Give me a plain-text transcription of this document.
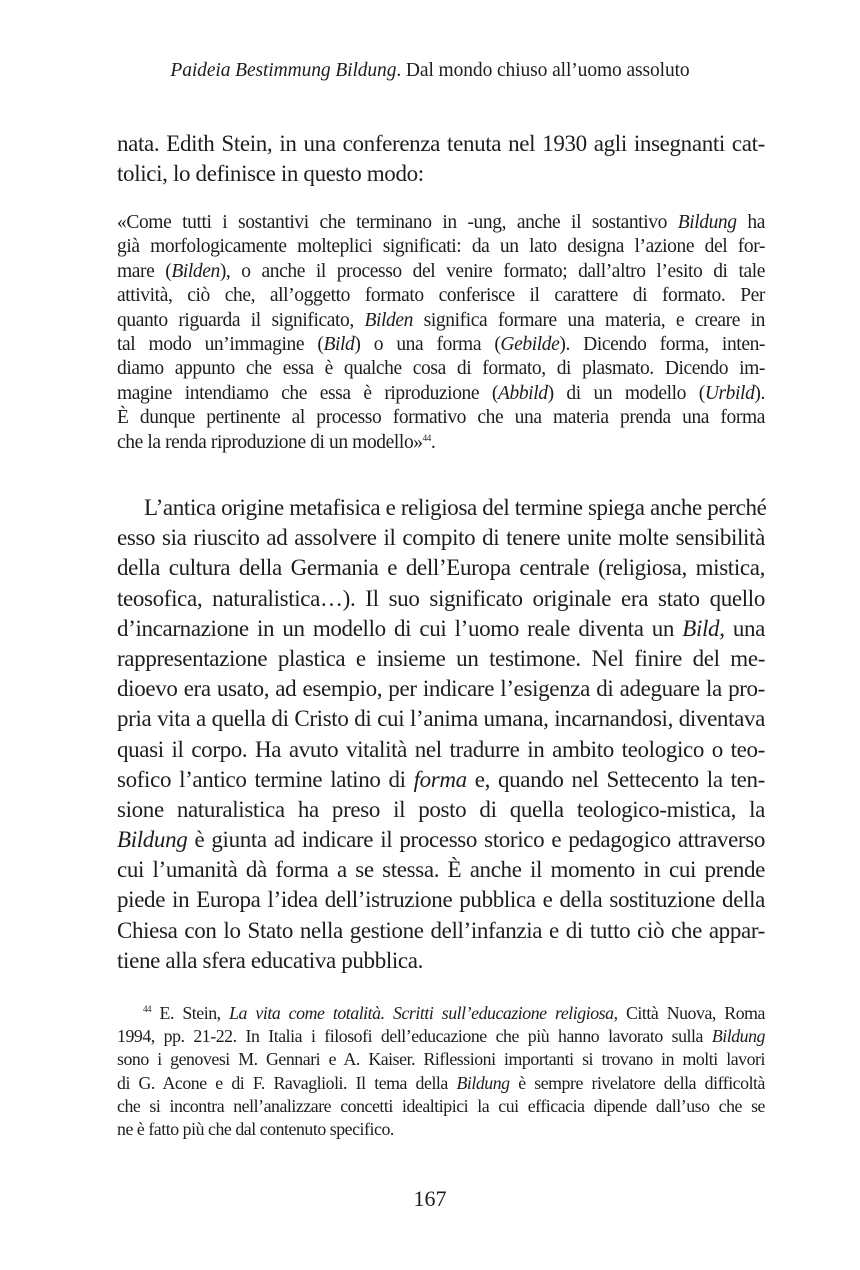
Paideia Bestimmung Bildung. Dal mondo chiuso all’uomo assoluto
nata. Edith Stein, in una conferenza tenuta nel 1930 agli insegnanti cat-
tolici, lo definisce in questo modo:
«Come tutti i sostantivi che terminano in -ung, anche il sostantivo Bildung ha
già morfologicamente molteplici significati: da un lato designa l’azione del for-
mare (Bilden), o anche il processo del venire formato; dall’altro l’esito di tale
attività, ciò che, all’oggetto formato conferisce il carattere di formato. Per
quanto riguarda il significato, Bilden significa formare una materia, e creare in
tal modo un’immagine (Bild) o una forma (Gebilde). Dicendo forma, inten-
diamo appunto che essa è qualche cosa di formato, di plasmato. Dicendo im-
magine intendiamo che essa è riproduzione (Abbild) di un modello (Urbild).
È dunque pertinente al processo formativo che una materia prenda una forma
che la renda riproduzione di un modello»$^{44}$.
L’antica origine metafisica e religiosa del termine spiega anche perché
esso sia riuscito ad assolvere il compito di tenere unite molte sensibilità
della cultura della Germania e dell’Europa centrale (religiosa, mistica,
teosofica, naturalistica…). Il suo significato originale era stato quello
d’incarnazione in un modello di cui l’uomo reale diventa un Bild, una
rappresentazione plastica e insieme un testimone. Nel finire del me-
dioevo era usato, ad esempio, per indicare l’esigenza di adeguare la pro-
pria vita a quella di Cristo di cui l’anima umana, incarnandosi, diventava
quasi il corpo. Ha avuto vitalità nel tradurre in ambito teologico o teo-
sofico l’antico termine latino di forma e, quando nel Settecento la ten-
sione naturalistica ha preso il posto di quella teologico-mistica, la
Bildung è giunta ad indicare il processo storico e pedagogico attraverso
cui l’umanità dà forma a se stessa. È anche il momento in cui prende
piede in Europa l’idea dell’istruzione pubblica e della sostituzione della
Chiesa con lo Stato nella gestione dell’infanzia e di tutto ciò che appar-
tiene alla sfera educativa pubblica.
$^{44}$ E. Stein, La vita come totalità. Scritti sull’educazione religiosa, Città Nuova, Roma
1994, pp. 21-22. In Italia i filosofi dell’educazione che più hanno lavorato sulla Bildung
sono i genovesi M. Gennari e A. Kaiser. Riflessioni importanti si trovano in molti lavori
di G. Acone e di F. Ravaglioli. Il tema della Bildung è sempre rivelatore della difficoltà
che si incontra nell’analizzare concetti idealtipici la cui efficacia dipende dall’uso che se
ne è fatto più che dal contenuto specifico.
167
